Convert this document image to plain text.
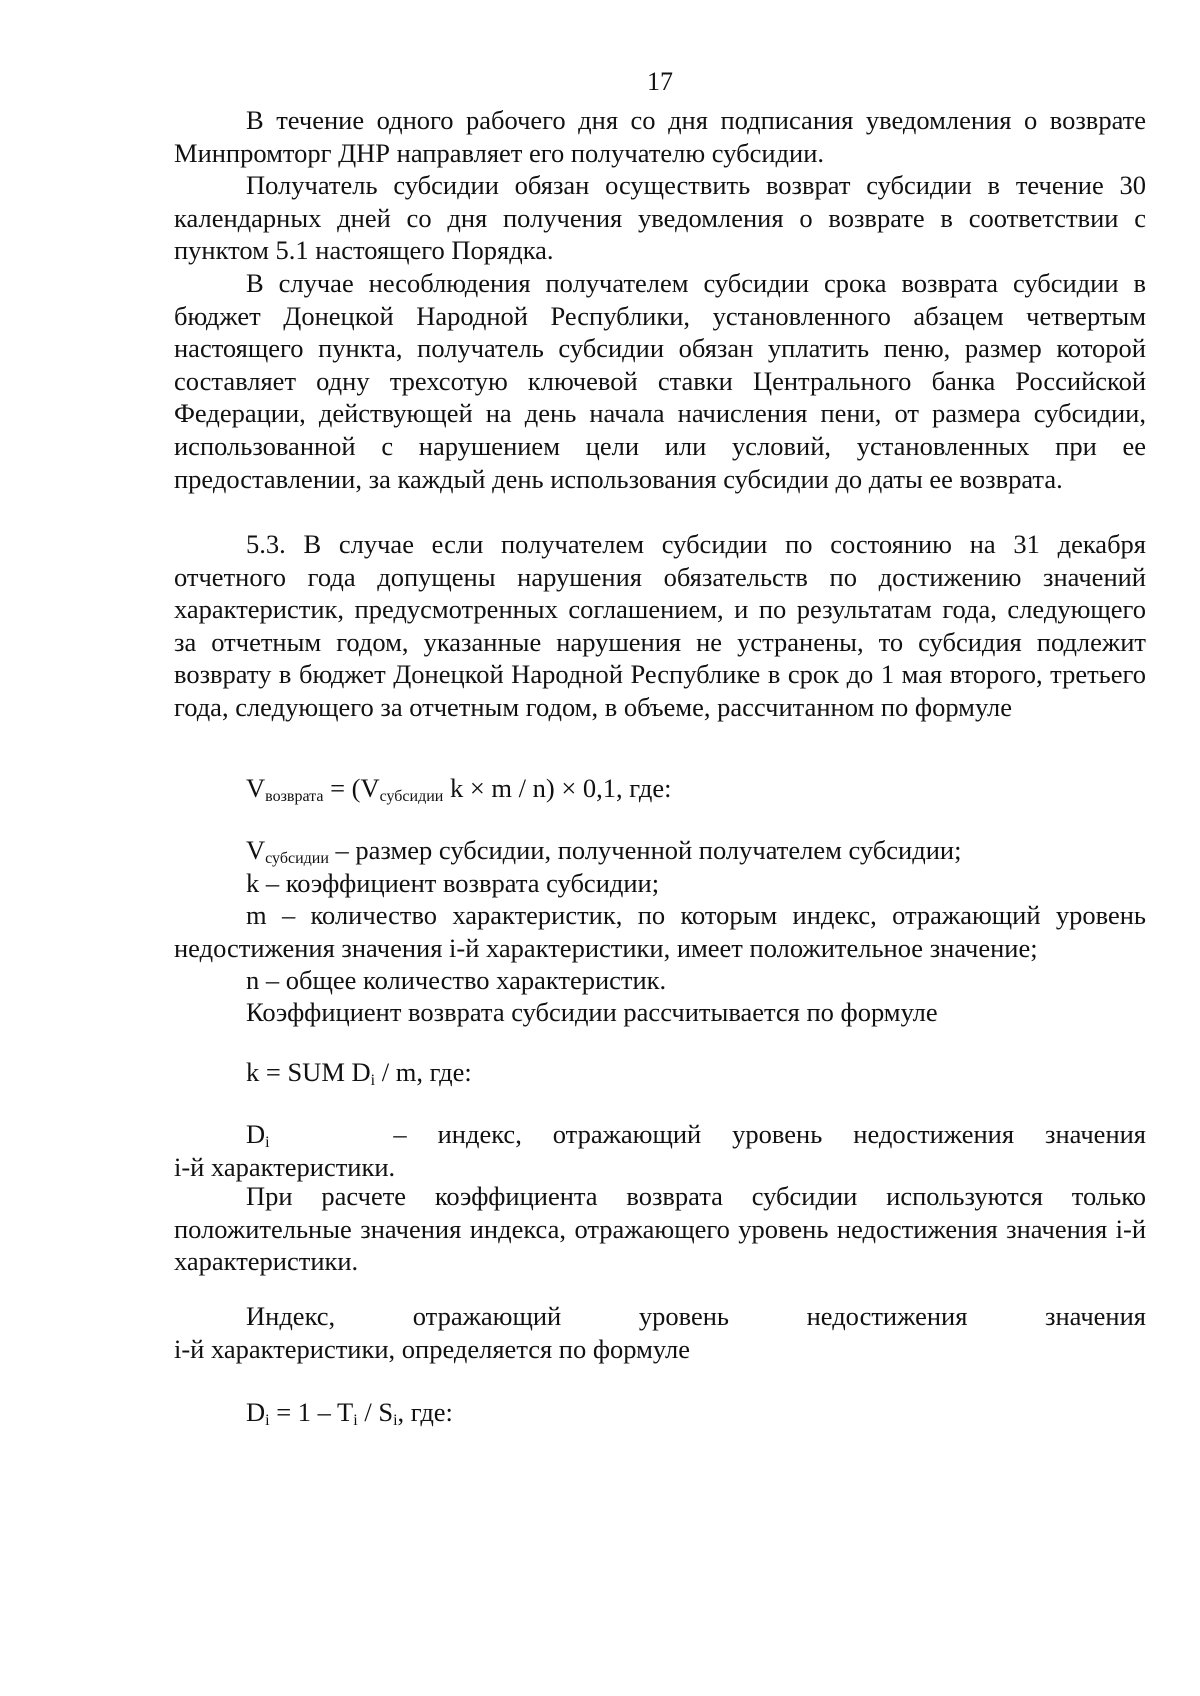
17

В течение одного рабочего дня со дня подписания уведомления о возврате Минпромторг ДНР направляет его получателю субсидии.

Получатель субсидии обязан осуществить возврат субсидии в течение 30 календарных дней со дня получения уведомления о возврате в соответствии с пунктом 5.1 настоящего Порядка.

В случае несоблюдения получателем субсидии срока возврата субсидии в бюджет Донецкой Народной Республики, установленного абзацем четвертым настоящего пункта, получатель субсидии обязан уплатить пеню, размер которой составляет одну трехсотую ключевой ставки Центрального банка Российской Федерации, действующей на день начала начисления пени, от размера субсидии, использованной с нарушением цели или условий, установленных при ее предоставлении, за каждый день использования субсидии до даты ее возврата.

5.3. В случае если получателем субсидии по состоянию на 31 декабря отчетного года допущены нарушения обязательств по достижению значений характеристик, предусмотренных соглашением, и по результатам года, следующего за отчетным годом, указанные нарушения не устранены, то субсидия подлежит возврату в бюджет Донецкой Народной Республике в срок до 1 мая второго, третьего года, следующего за отчетным годом, в объеме, рассчитанном по формуле

$V_{возврата} = (V_{субсидии}$ k × m / n) × 0,1, где:

$V_{субсидии}$ – размер субсидии, полученной получателем субсидии;

k – коэффициент возврата субсидии;

m – количество характеристик, по которым индекс, отражающий уровень недостижения значения i-й характеристики, имеет положительное значение;

n – общее количество характеристик.

Коэффициент возврата субсидии рассчитывается по формуле

k = SUM $D_i$ / m, где:

$D_i$	– индекс, отражающий уровень недостижения значения

i-й характеристики.

При расчете коэффициента возврата субсидии используются только положительные значения индекса, отражающего уровень недостижения значения i-й характеристики.

Индекс, отражающий уровень недостижения значения

i-й характеристики, определяется по формуле

$D_i = 1 - T_i / S_i$, где:
